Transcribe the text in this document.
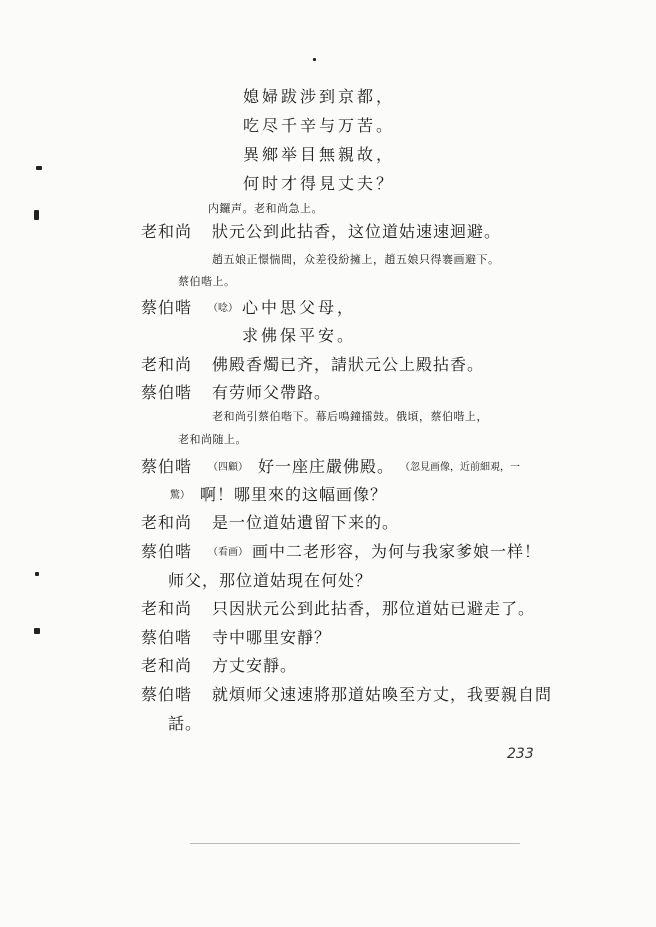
媳婦跋涉到京都，
吃尽千辛与万苦。
異鄉举目無親故，
何时才得見丈夫？
内鑼声。老和尚急上。
老和尚 狀元公到此拈香，这位道姑速速迴避。
趙五娘正憬惴間，众差役紛擁上，趙五娘只得褰画避下。
蔡伯喈上。
蔡伯喈 （唸） 心中思父母，
求佛保平安。
老和尚 佛殿香燭已齐，請狀元公上殿拈香。
蔡伯喈 有劳师父帶路。
老和尚引蔡伯喈下。幕后鳴鐘擂鼓。俄頃，蔡伯喈上，
老和尚随上。
蔡伯喈 （四顧） 好一座庄嚴佛殿。 （忽見画像，近前細覌，一
驚） 啊！哪里來的这幅画像？
老和尚 是一位道姑遺留下来的。
蔡伯喈 （看画） 画中二老形容，为何与我家爹娘一样！
师父，那位道姑現在何处？
老和尚 只因狀元公到此拈香，那位道姑已避走了。
蔡伯喈 寺中哪里安靜？
老和尚 方丈安靜。
蔡伯喈 就煩师父速速將那道姑喚至方丈，我要親自問
話。
233
